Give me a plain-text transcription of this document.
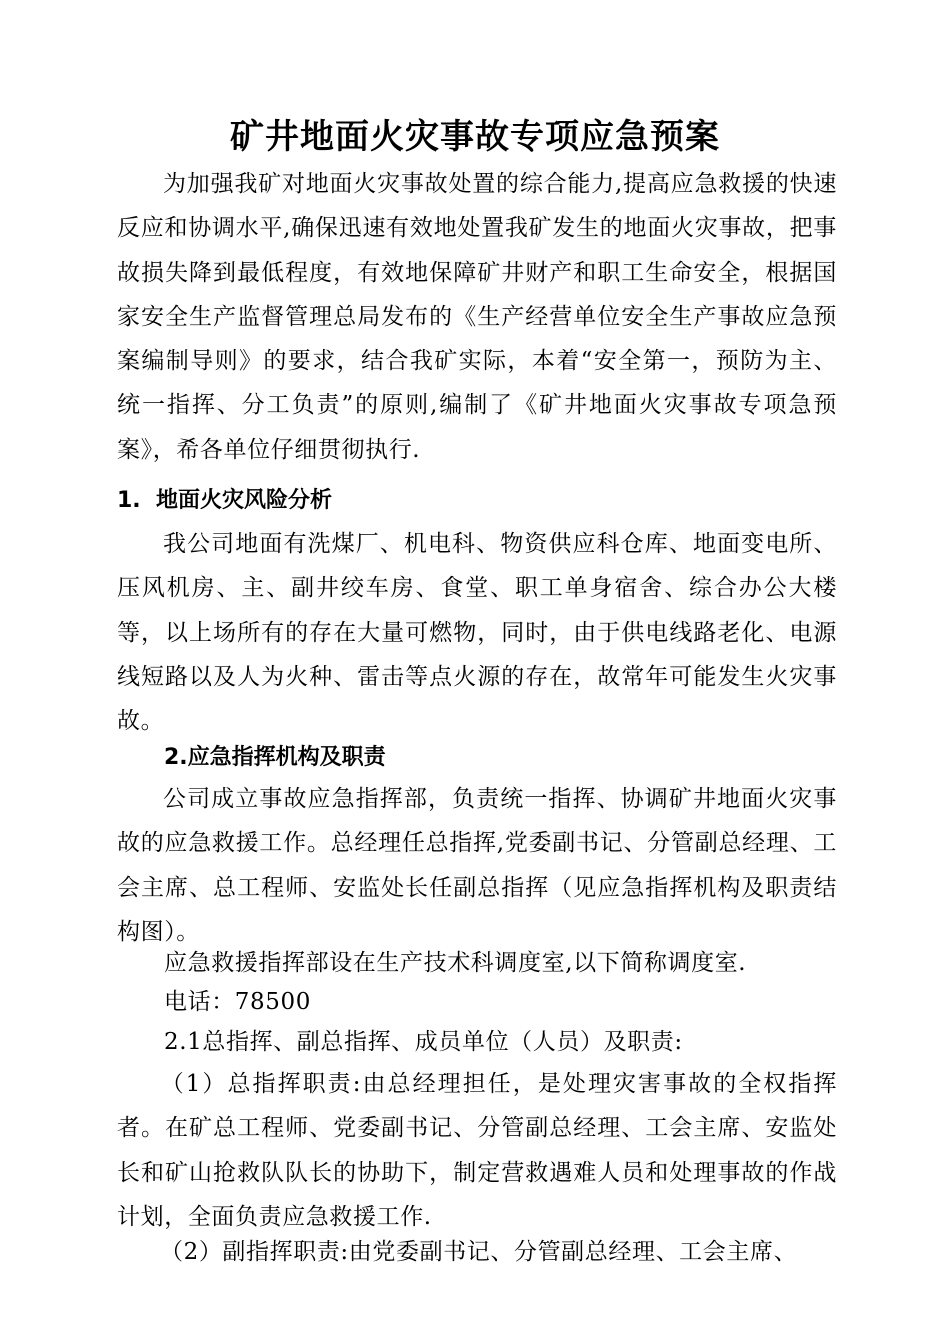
矿井地面火灾事故专项应急预案

为加强我矿对地面火灾事故处置的综合能力,提高应急救援的快速反应和协调水平,确保迅速有效地处置我矿发生的地面火灾事故，把事故损失降到最低程度，有效地保障矿井财产和职工生命安全，根据国家安全生产监督管理总局发布的《生产经营单位安全生产事故应急预案编制导则》的要求，结合我矿实际，本着“安全第一，预防为主、统一指挥、分工负责”的原则,编制了《矿井地面火灾事故专项急预案》，希各单位仔细贯彻执行.

1. 地面火灾风险分析

我公司地面有洗煤厂、机电科、物资供应科仓库、地面变电所、压风机房、主、副井绞车房、食堂、职工单身宿舍、综合办公大楼等，以上场所有的存在大量可燃物，同时，由于供电线路老化、电源线短路以及人为火种、雷击等点火源的存在，故常年可能发生火灾事故。

2.应急指挥机构及职责

公司成立事故应急指挥部，负责统一指挥、协调矿井地面火灾事故的应急救援工作。总经理任总指挥,党委副书记、分管副总经理、工会主席、总工程师、安监处长任副总指挥（见应急指挥机构及职责结构图）。

应急救援指挥部设在生产技术科调度室,以下简称调度室.

电话：78500

2.1总指挥、副总指挥、成员单位（人员）及职责:

（1）总指挥职责:由总经理担任，是处理灾害事故的全权指挥者。在矿总工程师、党委副书记、分管副总经理、工会主席、安监处长和矿山抢救队队长的协助下，制定营救遇难人员和处理事故的作战计划，全面负责应急救援工作.

（2）副指挥职责:由党委副书记、分管副总经理、工会主席、
